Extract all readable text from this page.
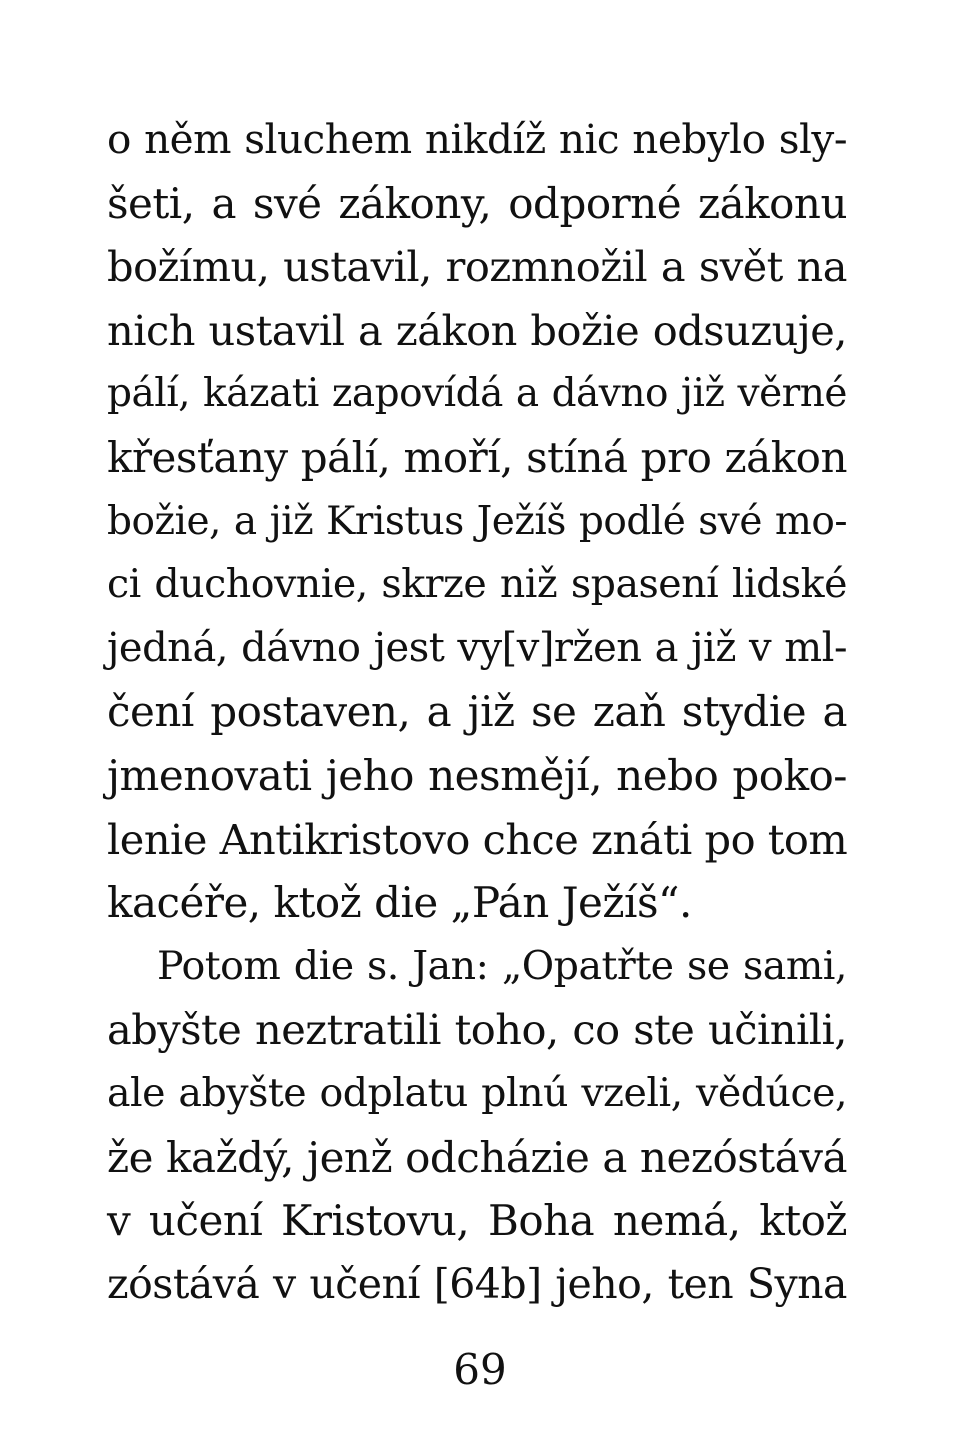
o něm sluchem nikdíž nic nebylo sly-
šeti, a své zákony, odporné zákonu
božímu, ustavil, rozmnožil a svět na
nich ustavil a zákon božie odsuzuje,
pálí, kázati zapovídá a dávno již věrné
křesťany pálí, moří, stíná pro zákon
božie, a již Kristus Ježíš podlé své mo-
ci duchovnie, skrze niž spasení lidské
jedná, dávno jest vy[v]ržen a již v ml-
čení postaven, a již se zaň stydie a
jmenovati jeho nesmějí, nebo poko-
lenie Antikristovo chce znáti po tom
kacéře, ktož die „Pán Ježíš“.
Potom die s. Jan: „Opatřte se sami,
abyšte neztratili toho, co ste učinili,
ale abyšte odplatu plnú vzeli, vědúce,
že každý, jenž odcházie a nezóstává
v učení Kristovu, Boha nemá, ktož
zóstává v učení [64b] jeho, ten Syna
69
